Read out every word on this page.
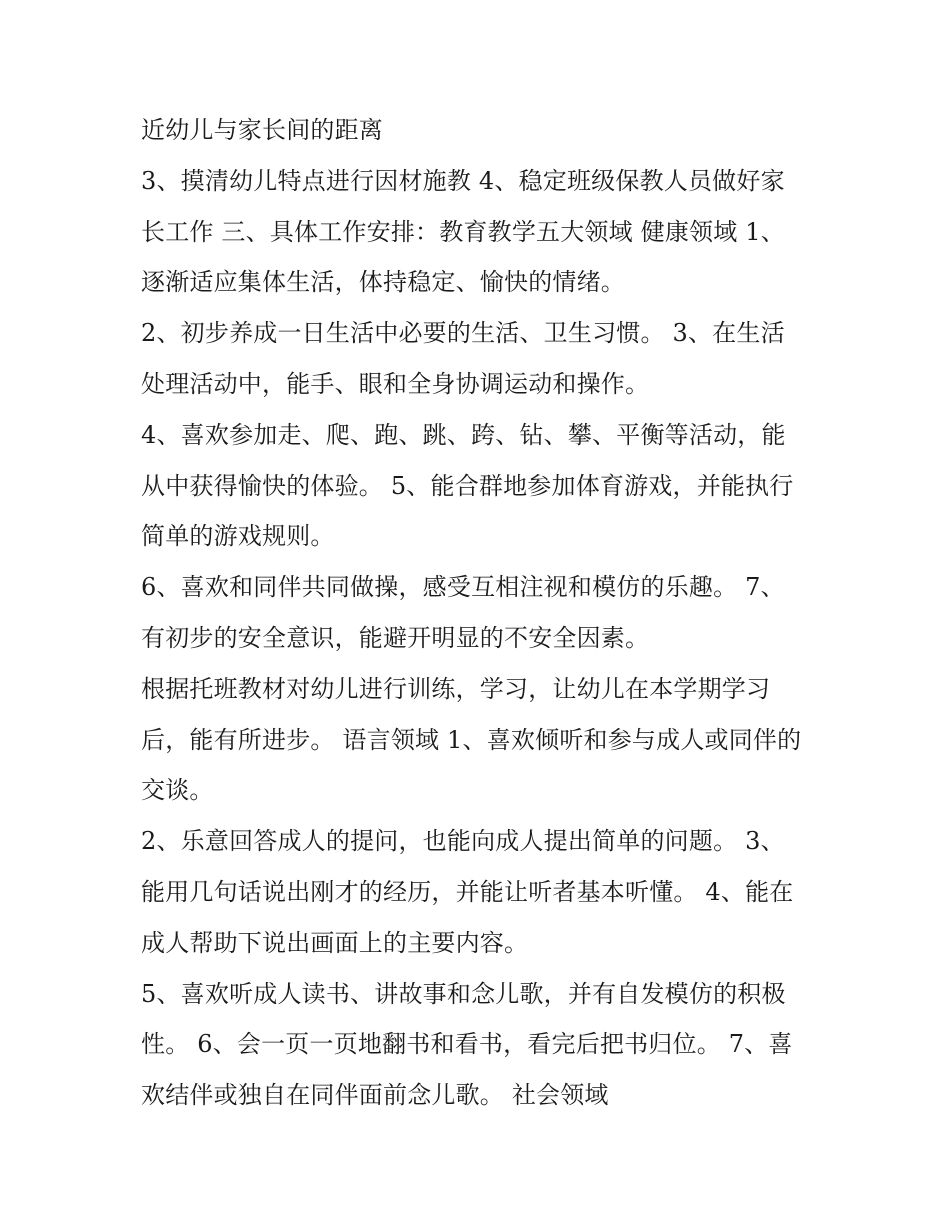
近幼儿与家长间的距离
3、摸清幼儿特点进行因材施教 4、稳定班级保教人员做好家
长工作 三、具体工作安排：教育教学五大领域 健康领域 1、
逐渐适应集体生活，体持稳定、愉快的情绪。
2、初步养成一日生活中必要的生活、卫生习惯。 3、在生活
处理活动中，能手、眼和全身协调运动和操作。
4、喜欢参加走、爬、跑、跳、跨、钻、攀、平衡等活动，能
从中获得愉快的体验。 5、能合群地参加体育游戏，并能执行
简单的游戏规则。
6、喜欢和同伴共同做操，感受互相注视和模仿的乐趣。 7、
有初步的安全意识，能避开明显的不安全因素。
根据托班教材对幼儿进行训练，学习，让幼儿在本学期学习
后，能有所进步。 语言领域 1、喜欢倾听和参与成人或同伴的
交谈。
2、乐意回答成人的提问，也能向成人提出简单的问题。 3、
能用几句话说出刚才的经历，并能让听者基本听懂。 4、能在
成人帮助下说出画面上的主要内容。
5、喜欢听成人读书、讲故事和念儿歌，并有自发模仿的积极
性。 6、会一页一页地翻书和看书，看完后把书归位。 7、喜
欢结伴或独自在同伴面前念儿歌。 社会领域
